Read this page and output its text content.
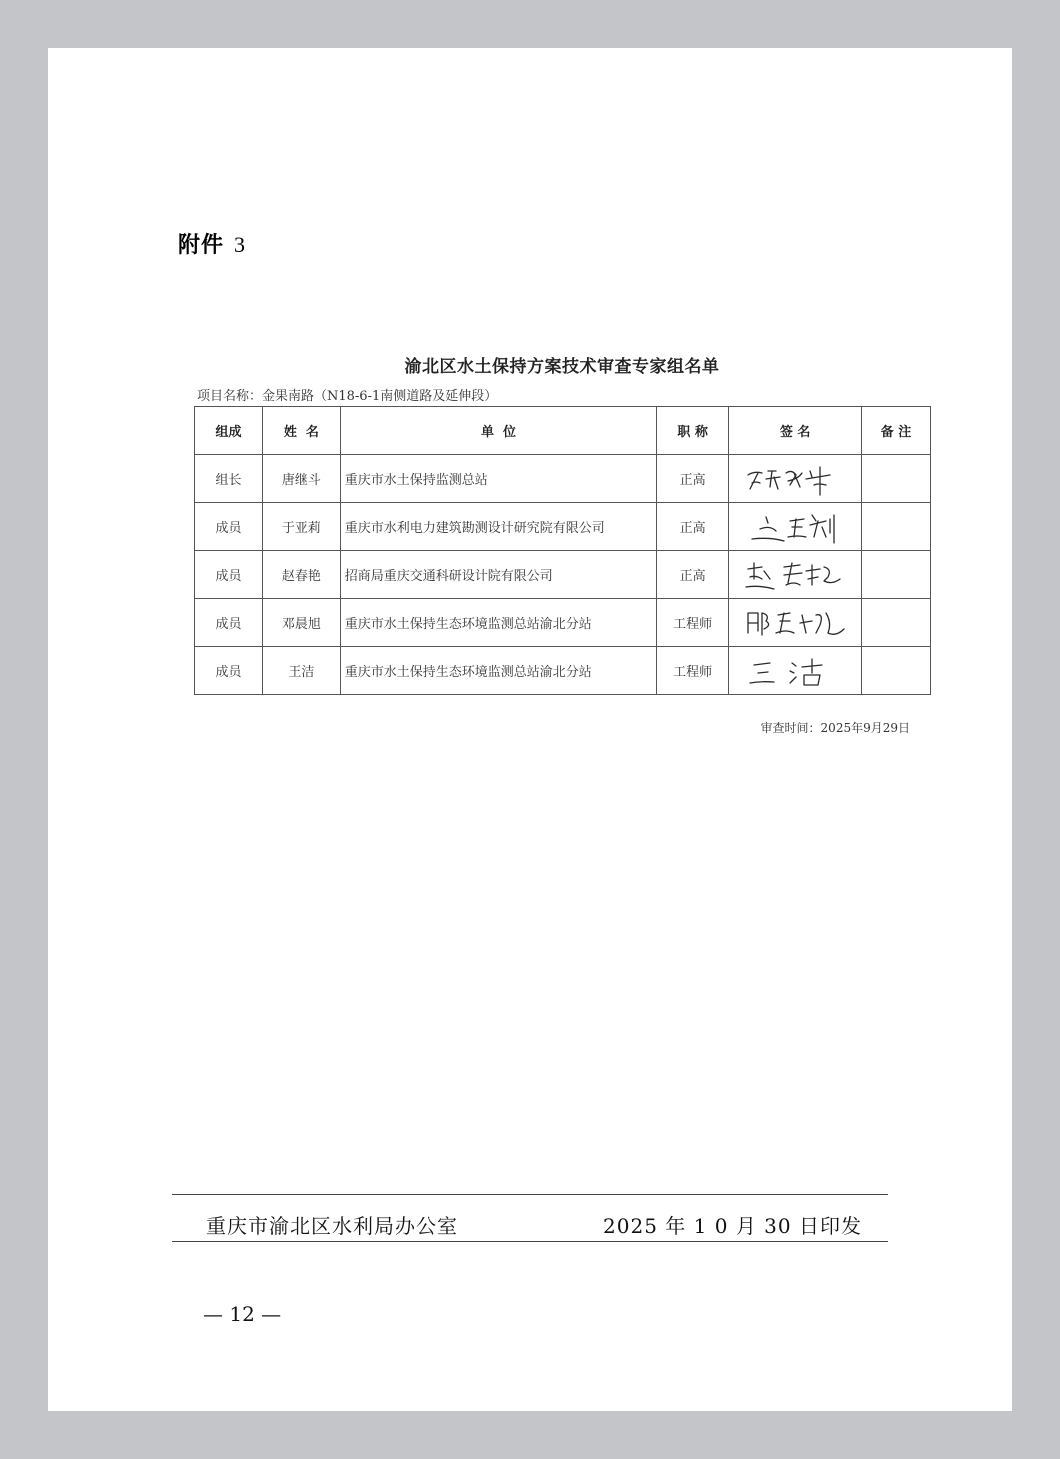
附件 3
渝北区水土保持方案技术审查专家组名单
项目名称：金果南路（N18-6-1南侧道路及延伸段）
组成	姓  名	单  位	职 称	签 名	备 注
组长	唐继斗	重庆市水土保持监测总站	正高	

成员	于亚莉	重庆市水利电力建筑勘测设计研究院有限公司	正高	

成员	赵春艳	招商局重庆交通科研设计院有限公司	正高	

成员	邓晨旭	重庆市水土保持生态环境监测总站渝北分站	工程师	

成员	王洁	重庆市水土保持生态环境监测总站渝北分站	工程师	

审查时间：2025年9月29日
重庆市渝北区水利局办公室	2025 年 1 0 月 30 日印发
— 12 —
